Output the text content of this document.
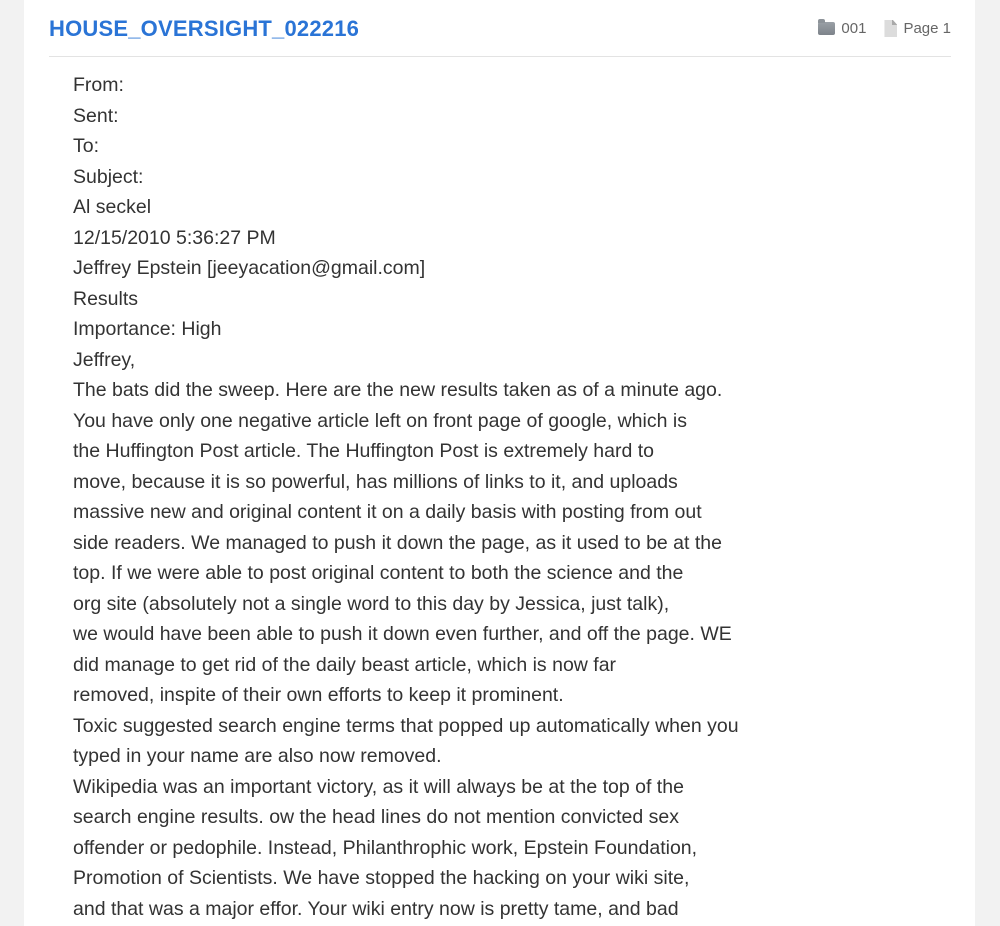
HOUSE_OVERSIGHT_022216	001 Page 1
From:
Sent:
To:
Subject:
Al seckel
12/15/2010 5:36:27 PM
Jeffrey Epstein [jeeyacation@gmail.com]
Results
Importance: High
Jeffrey,
The bats did the sweep. Here are the new results taken as of a minute ago.
You have only one negative article left on front page of google, which is
the Huffington Post article. The Huffington Post is extremely hard to
move, because it is so powerful, has millions of links to it, and uploads
massive new and original content it on a daily basis with posting from out
side readers. We managed to push it down the page, as it used to be at the
top. If we were able to post original content to both the science and the
org site (absolutely not a single word to this day by Jessica, just talk),
we would have been able to push it down even further, and off the page. WE
did manage to get rid of the daily beast article, which is now far
removed, inspite of their own efforts to keep it prominent.
Toxic suggested search engine terms that popped up automatically when you
typed in your name are also now removed.
Wikipedia was an important victory, as it will always be at the top of the
search engine results. ow the head lines do not mention convicted sex
offender or pedophile. Instead, Philanthrophic work, Epstein Foundation,
Promotion of Scientists. We have stopped the hacking on your wiki site,
and that was a major effor. Your wiki entry now is pretty tame, and bad
